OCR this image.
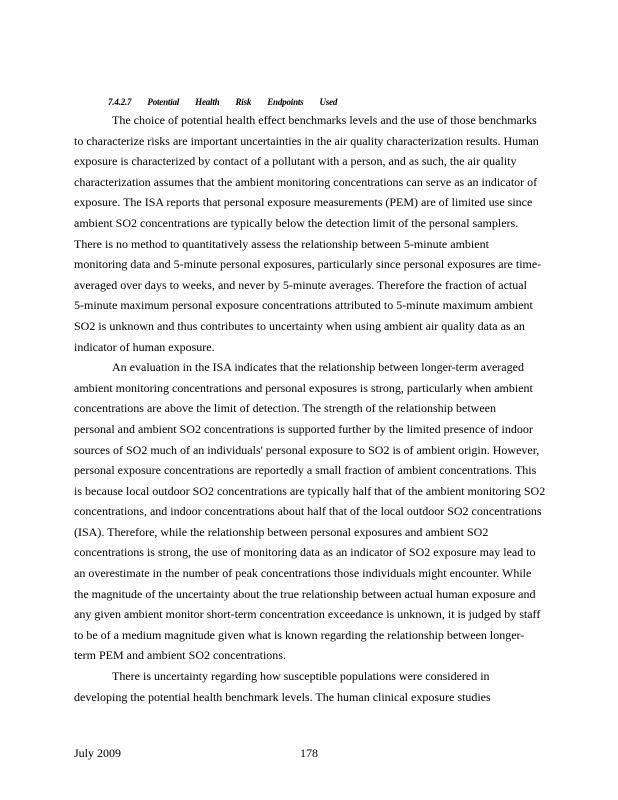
7.4.2.7 Potential Health Risk Endpoints Used
The choice of potential health effect benchmarks levels and the use of those benchmarks
to characterize risks are important uncertainties in the air quality characterization results. Human
exposure is characterized by contact of a pollutant with a person, and as such, the air quality
characterization assumes that the ambient monitoring concentrations can serve as an indicator of
exposure. The ISA reports that personal exposure measurements (PEM) are of limited use since
ambient SO2 concentrations are typically below the detection limit of the personal samplers.
There is no method to quantitatively assess the relationship between 5-minute ambient
monitoring data and 5-minute personal exposures, particularly since personal exposures are time-
averaged over days to weeks, and never by 5-minute averages. Therefore the fraction of actual
5-minute maximum personal exposure concentrations attributed to 5-minute maximum ambient
SO2 is unknown and thus contributes to uncertainty when using ambient air quality data as an
indicator of human exposure.
An evaluation in the ISA indicates that the relationship between longer-term averaged
ambient monitoring concentrations and personal exposures is strong, particularly when ambient
concentrations are above the limit of detection. The strength of the relationship between
personal and ambient SO2 concentrations is supported further by the limited presence of indoor
sources of SO2 much of an individuals' personal exposure to SO2 is of ambient origin. However,
personal exposure concentrations are reportedly a small fraction of ambient concentrations. This
is because local outdoor SO2 concentrations are typically half that of the ambient monitoring SO2
concentrations, and indoor concentrations about half that of the local outdoor SO2 concentrations
(ISA). Therefore, while the relationship between personal exposures and ambient SO2
concentrations is strong, the use of monitoring data as an indicator of SO2 exposure may lead to
an overestimate in the number of peak concentrations those individuals might encounter. While
the magnitude of the uncertainty about the true relationship between actual human exposure and
any given ambient monitor short-term concentration exceedance is unknown, it is judged by staff
to be of a medium magnitude given what is known regarding the relationship between longer-
term PEM and ambient SO2 concentrations.
There is uncertainty regarding how susceptible populations were considered in
developing the potential health benchmark levels. The human clinical exposure studies
July 2009	178
